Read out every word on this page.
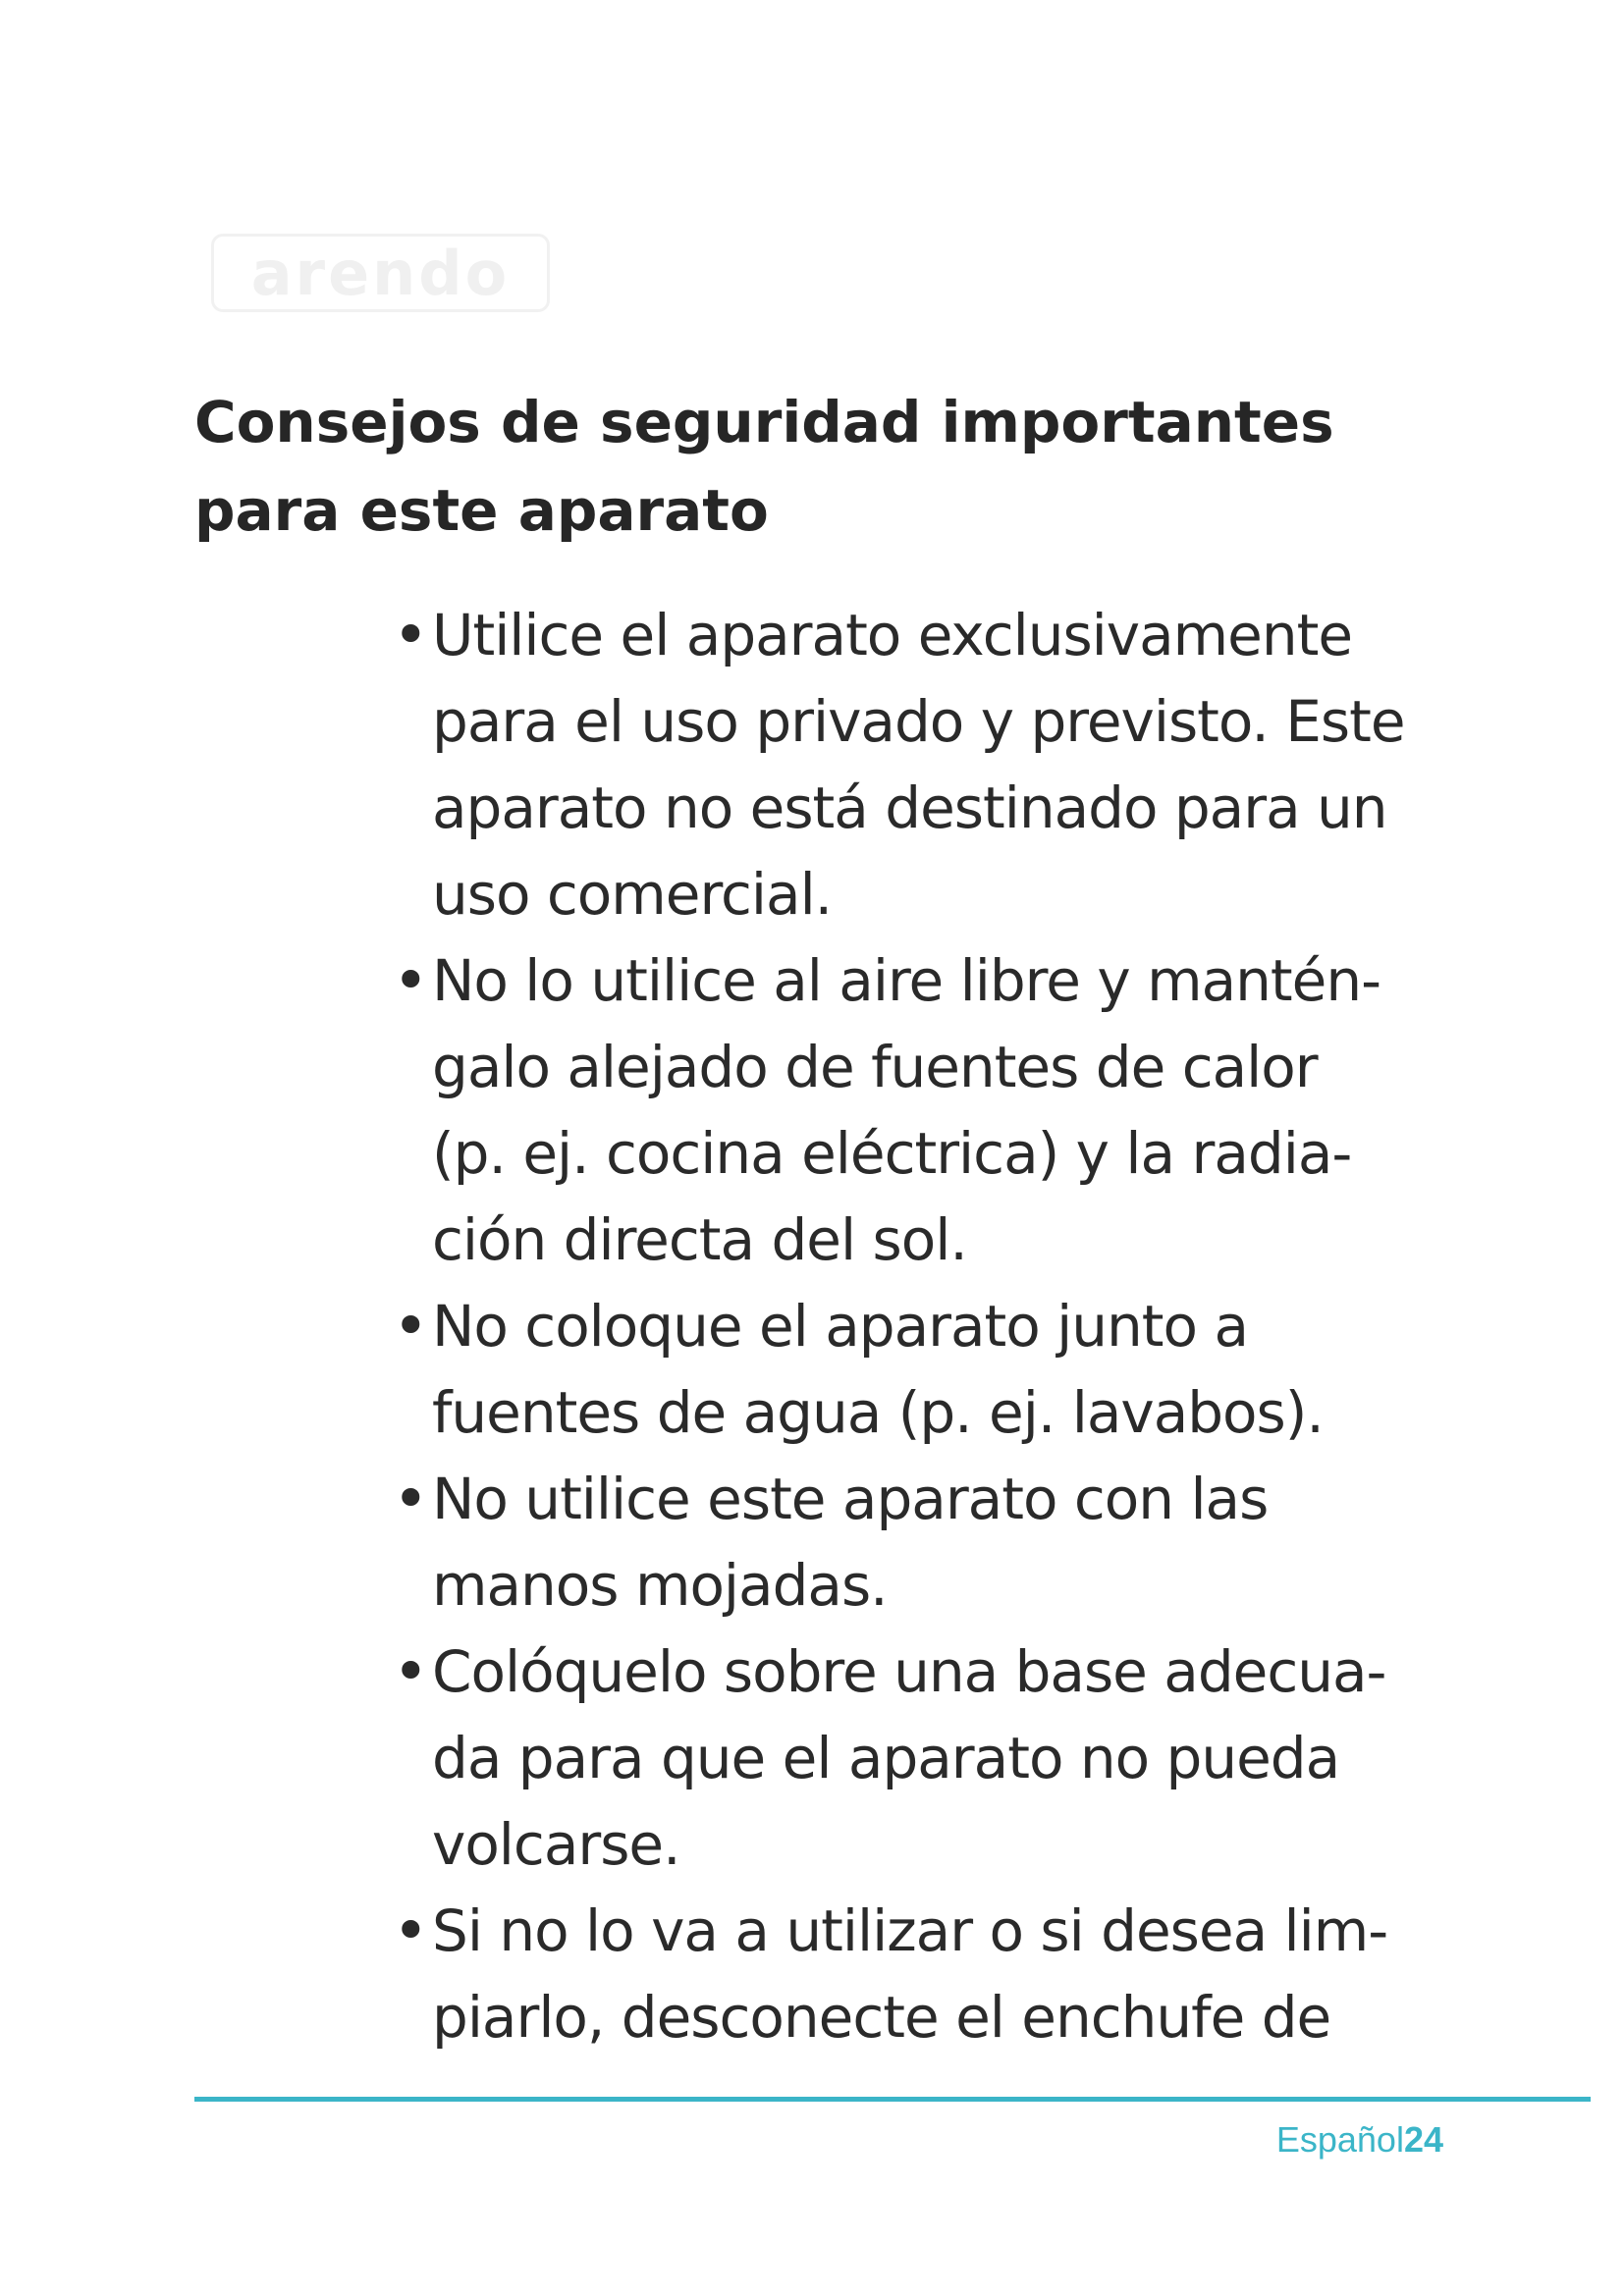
arendo
Consejos de seguridad importantes
para este aparato
• Utilice el aparato exclusivamente
para el uso privado y previsto. Este
aparato no está destinado para un
uso comercial.
• No lo utilice al aire libre y mantén-
galo alejado de fuentes de calor
(p. ej. cocina eléctrica) y la radia-
ción directa del sol.
• No coloque el aparato junto a
fuentes de agua (p. ej. lavabos).
• No utilice este aparato con las
manos mojadas.
• Colóquelo sobre una base adecua-
da para que el aparato no pueda
volcarse.
• Si no lo va a utilizar o si desea lim-
piarlo, desconecte el enchufe de
Español24
